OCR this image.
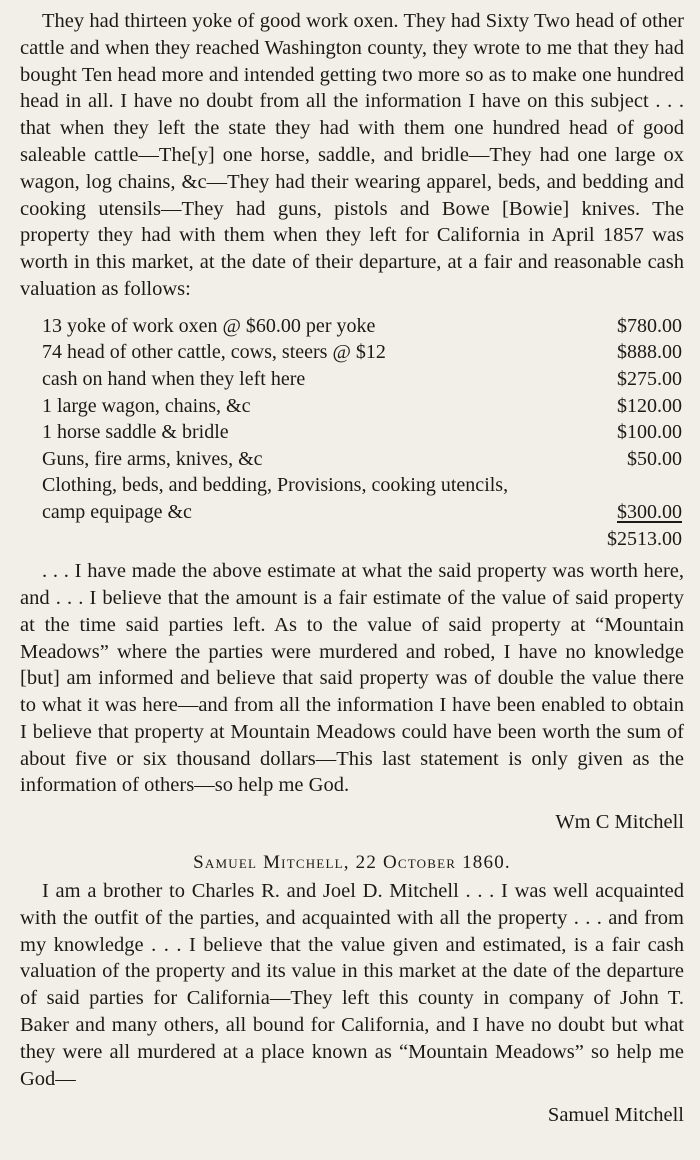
They had thirteen yoke of good work oxen. They had Sixty Two head of other cattle and when they reached Washington county, they wrote to me that they had bought Ten head more and intended getting two more so as to make one hundred head in all. I have no doubt from all the information I have on this subject . . . that when they left the state they had with them one hundred head of good saleable cattle—The[y] one horse, saddle, and bridle—They had one large ox wagon, log chains, &c—They had their wearing apparel, beds, and bedding and cooking utensils—They had guns, pistols and Bowe [Bowie] knives. The property they had with them when they left for California in April 1857 was worth in this market, at the date of their departure, at a fair and reasonable cash valuation as follows:

13 yoke of work oxen @ $60.00 per yoke	$780.00
74 head of other cattle, cows, steers @ $12	$888.00
cash on hand when they left here	$275.00
1 large wagon, chains, &c	$120.00
1 horse saddle & bridle	$100.00
Guns, fire arms, knives, &c	$50.00
Clothing, beds, and bedding, Provisions, cooking utencils,
camp equipage &c	$300.00
$2513.00

. . . I have made the above estimate at what the said property was worth here, and . . . I believe that the amount is a fair estimate of the value of said property at the time said parties left. As to the value of said property at “Mountain Meadows” where the parties were murdered and robed, I have no knowledge [but] am informed and believe that said property was of double the value there to what it was here—and from all the information I have been enabled to obtain I believe that property at Mountain Meadows could have been worth the sum of about five or six thousand dollars—This last statement is only given as the information of others—so help me God.

Wm C Mitchell

Samuel Mitchell, 22 October 1860.

I am a brother to Charles R. and Joel D. Mitchell . . . I was well acquainted with the outfit of the parties, and acquainted with all the property . . . and from my knowledge . . . I believe that the value given and estimated, is a fair cash valuation of the property and its value in this market at the date of the departure of said parties for California—They left this county in company of John T. Baker and many others, all bound for California, and I have no doubt but what they were all murdered at a place known as “Mountain Meadows” so help me God—

Samuel Mitchell
